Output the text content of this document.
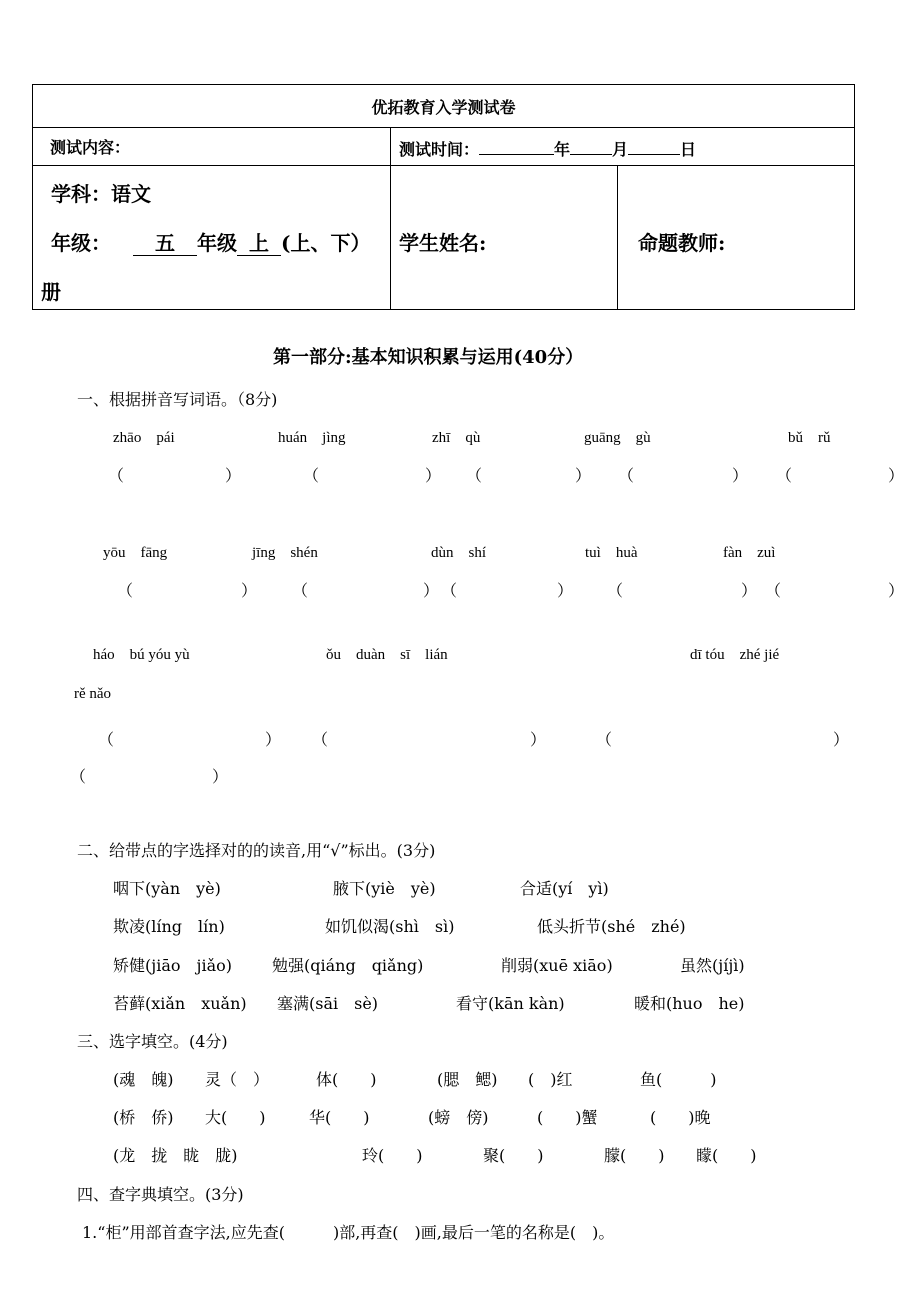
优拓教育入学测试卷		
测试内容：	测试时间： 年 月 日	

学科：语文
年级： 五 年级 上 (上、下）
册	学生姓名:	命题教师:
第一部分:基本知识积累与运用(40分）
一、根据拼音写词语。（8分)
zhāo　pái	huán　jìng	zhī　qù	guāng　gù	bǔ　rǔ
（	）	（	） （	） （	） （	）
yōu　fāng	jīng　shén	dùn　shí	tuì　huà	fàn　zuì
（	） （	） （	） （	） （	）
háo　bú yóu yù	ǒu　duàn　sī　lián	dī tóu　zhé jié
rě nǎo
（	） （	）	（	）
（	）
二、给带点的字选择对的的读音,用“√”标出。(3分)
咽下(yàn　yè)	腋下(yiè　yè)	合适(yí　yì)
欺凌(líng　lín)	如饥似渴(shì　sì)	低头折节(shé　zhé)
矫健(jiāo　jiǎo)	勉强(qiáng　qiǎng)	削弱(xuē xiāo)	虽然(jíjì)
苔藓(xiǎn　xuǎn) 塞满(sāi　sè)	看守(kān kàn)	暖和(huo　he)
三、选字填空。(4分)
(魂　魄) 灵（　）	体(　　)	(腮　鳃) (　)红	鱼(　　　)
(桥　侨) 大(　　)	华(　　)	(螃　傍)	(　　)蟹	(　　)晚
(龙　拢　眬　胧)	玲(　　)	聚(　　)	朦(　　) 矇(　　)
四、查字典填空。(3分)
1.“柜”用部首查字法,应先查(　　　)部,再查(　)画,最后一笔的名称是(　)。
